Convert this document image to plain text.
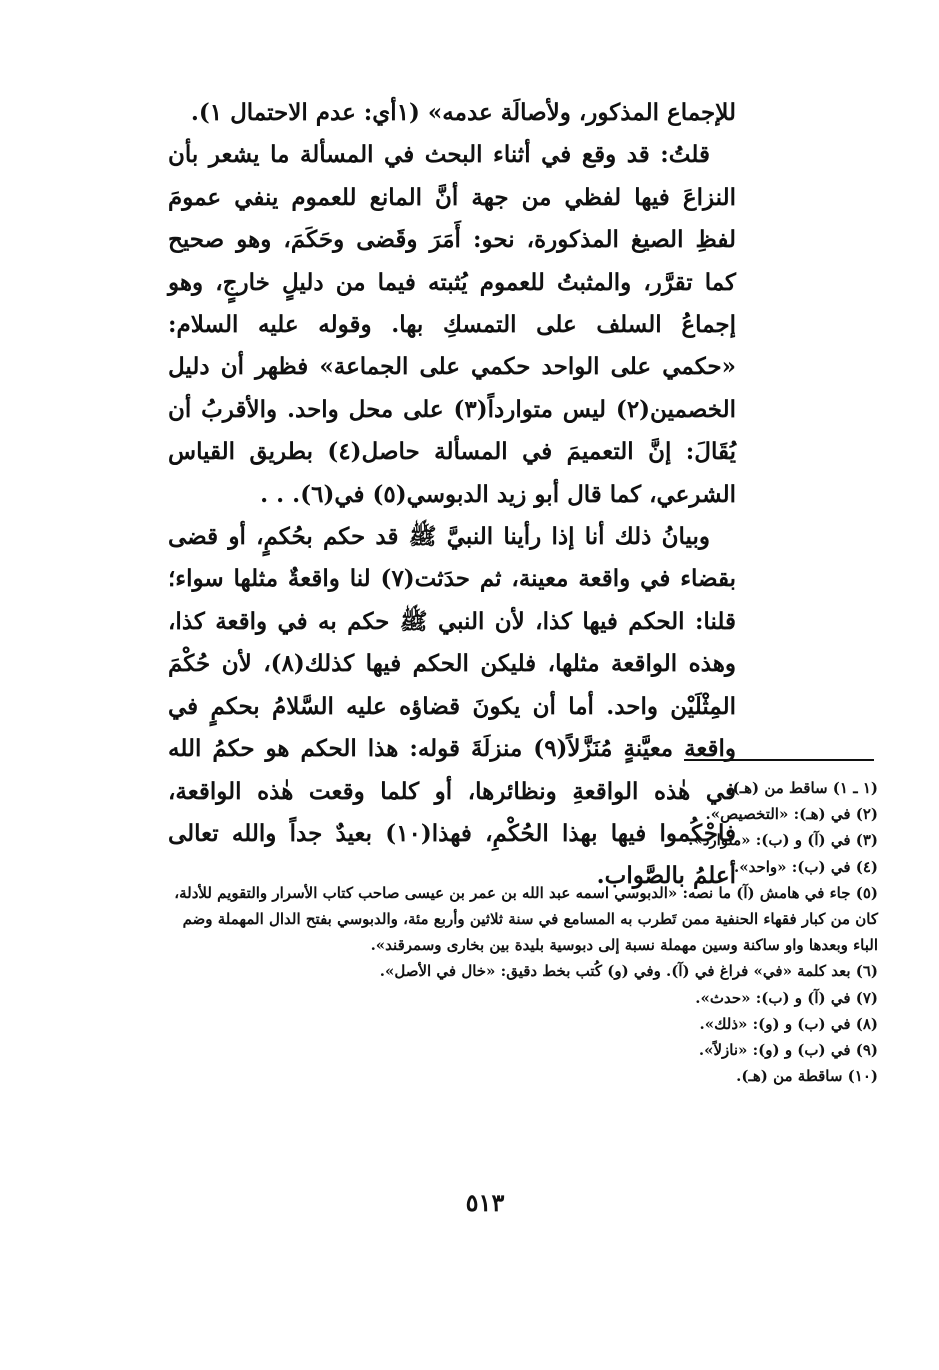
للإجماع المذكور، ولأصالَة عدمه» (١أي: عدم الاحتمال ١).

قلتُ: قد وقع في أثناء البحث في المسألة ما يشعر بأن النزاعَ فيها لفظي من جهة أنَّ المانع للعموم ينفي عمومَ لفظِ الصيغ المذكورة، نحو: أَمَرَ وقَضى وحَكَمَ، وهو صحيح كما تقرَّر، والمثبتُ للعموم يُثبته فيما من دليلٍ خارجٍ، وهو إجماعُ السلف على التمسكِ بها. وقوله عليه السلام: «حكمي على الواحد حكمي على الجماعة» فظهر أن دليل الخصمين(٢) ليس متوارداً(٣) على محل واحد. والأقربُ أن يُقَالَ: إنَّ التعميمَ في المسألة حاصل(٤) بطريق القياس الشرعي، كما قال أبو زيد الدبوسي(٥) في(٦). . .

وبيانُ ذلك أنا إذا رأينا النبيَّ ﷺ قد حكم بحُكمٍ، أو قضى بقضاء في واقعة معينة، ثم حدَثت(٧) لنا واقعةٌ مثلها سواء؛ قلنا: الحكم فيها كذا، لأن النبي ﷺ حكم به في واقعة كذا، وهذه الواقعة مثلها، فليكن الحكم فيها كذلك(٨)، لأن حُكْمَ المِثْلَيْن واحد. أما أن يكونَ قضاؤه عليه السَّلامُ بحكمٍ في واقعة معيَّنةٍ مُنَزَّلاً(٩) منزلَةَ قوله: هذا الحكم هو حكمُ الله في هٰذه الواقعةِ ونظائرها، أو كلما وقعت هٰذه الواقعة، فاحْكُموا فيها بهذا الحُكْمِ، فهذا(١٠) بعيدٌ جداً والله تعالى أعلمُ بالصَّواب.

(١ ـ ١) ساقط من (هـ).

(٢) في (هـ): «التخصيص».

(٣) في (آ) و (ب): «متوارد».

(٤) في (ب): «واحد».

(٥) جاء في هامش (آ) ما نصه: «الدبوسي اسمه عبد الله بن عمر بن عيسى صاحب كتاب الأسرار والتقويم للأدلة، كان من كبار فقهاء الحنفية ممن تَطرب به المسامع في سنة ثلاثين وأربع مئة، والدبوسي بفتح الدال المهملة وضم الباء وبعدها واو ساكنة وسين مهملة نسبة إلى دبوسية بليدة بين بخارى وسمرقند».

(٦) بعد كلمة «في» فراغ في (آ). وفي (و) كُتب بخط دقيق: «خال في الأصل».

(٧) في (آ) و (ب): «حدث».

(٨) في (ب) و (و): «ذلك».

(٩) في (ب) و (و): «نازلاً».

(١٠) ساقطة من (هـ).

٥١٣
